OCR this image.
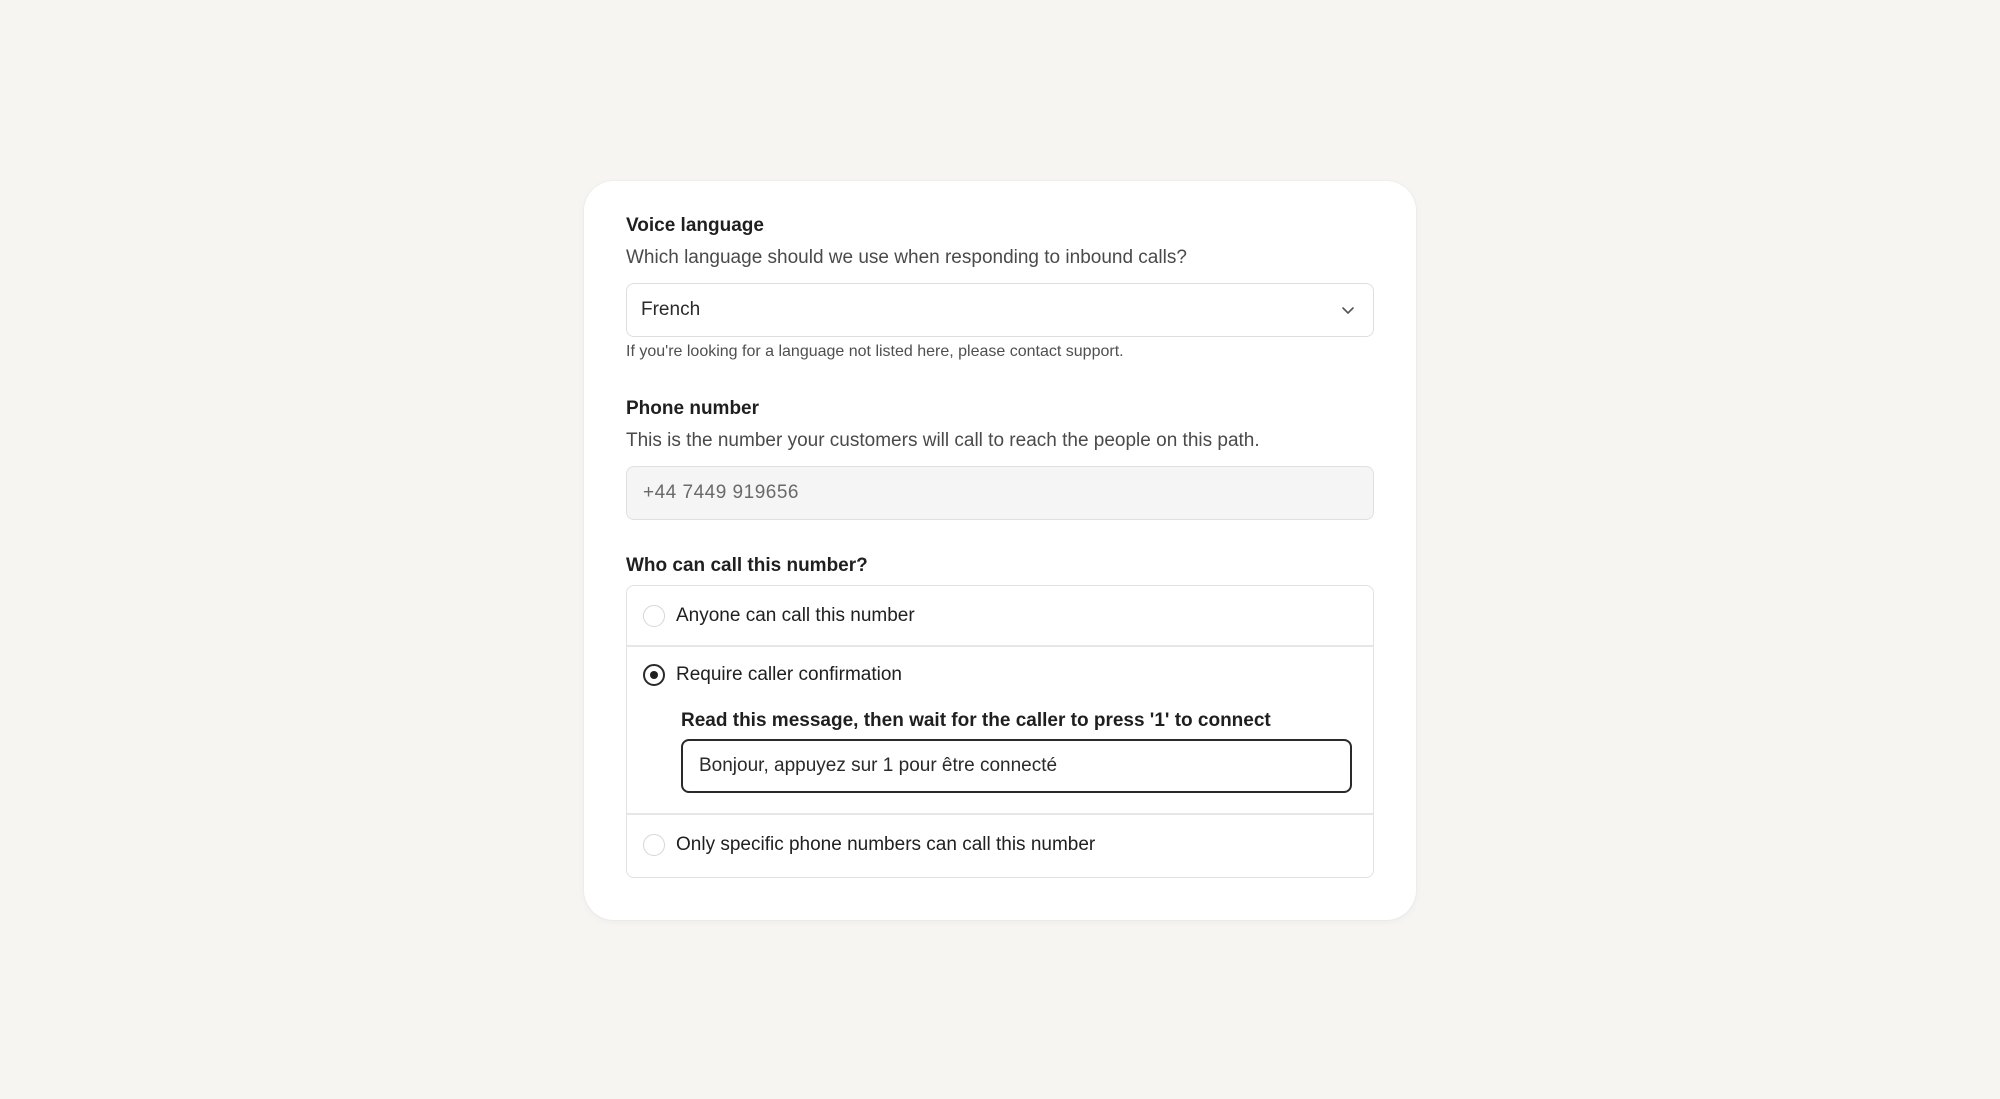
Voice language
Which language should we use when responding to inbound calls?
French
If you're looking for a language not listed here, please contact support.
Phone number
This is the number your customers will call to reach the people on this path.
+44 7449 919656
Who can call this number?
Anyone can call this number
Require caller confirmation
Read this message, then wait for the caller to press '1' to connect
Bonjour, appuyez sur 1 pour être connecté
Only specific phone numbers can call this number
